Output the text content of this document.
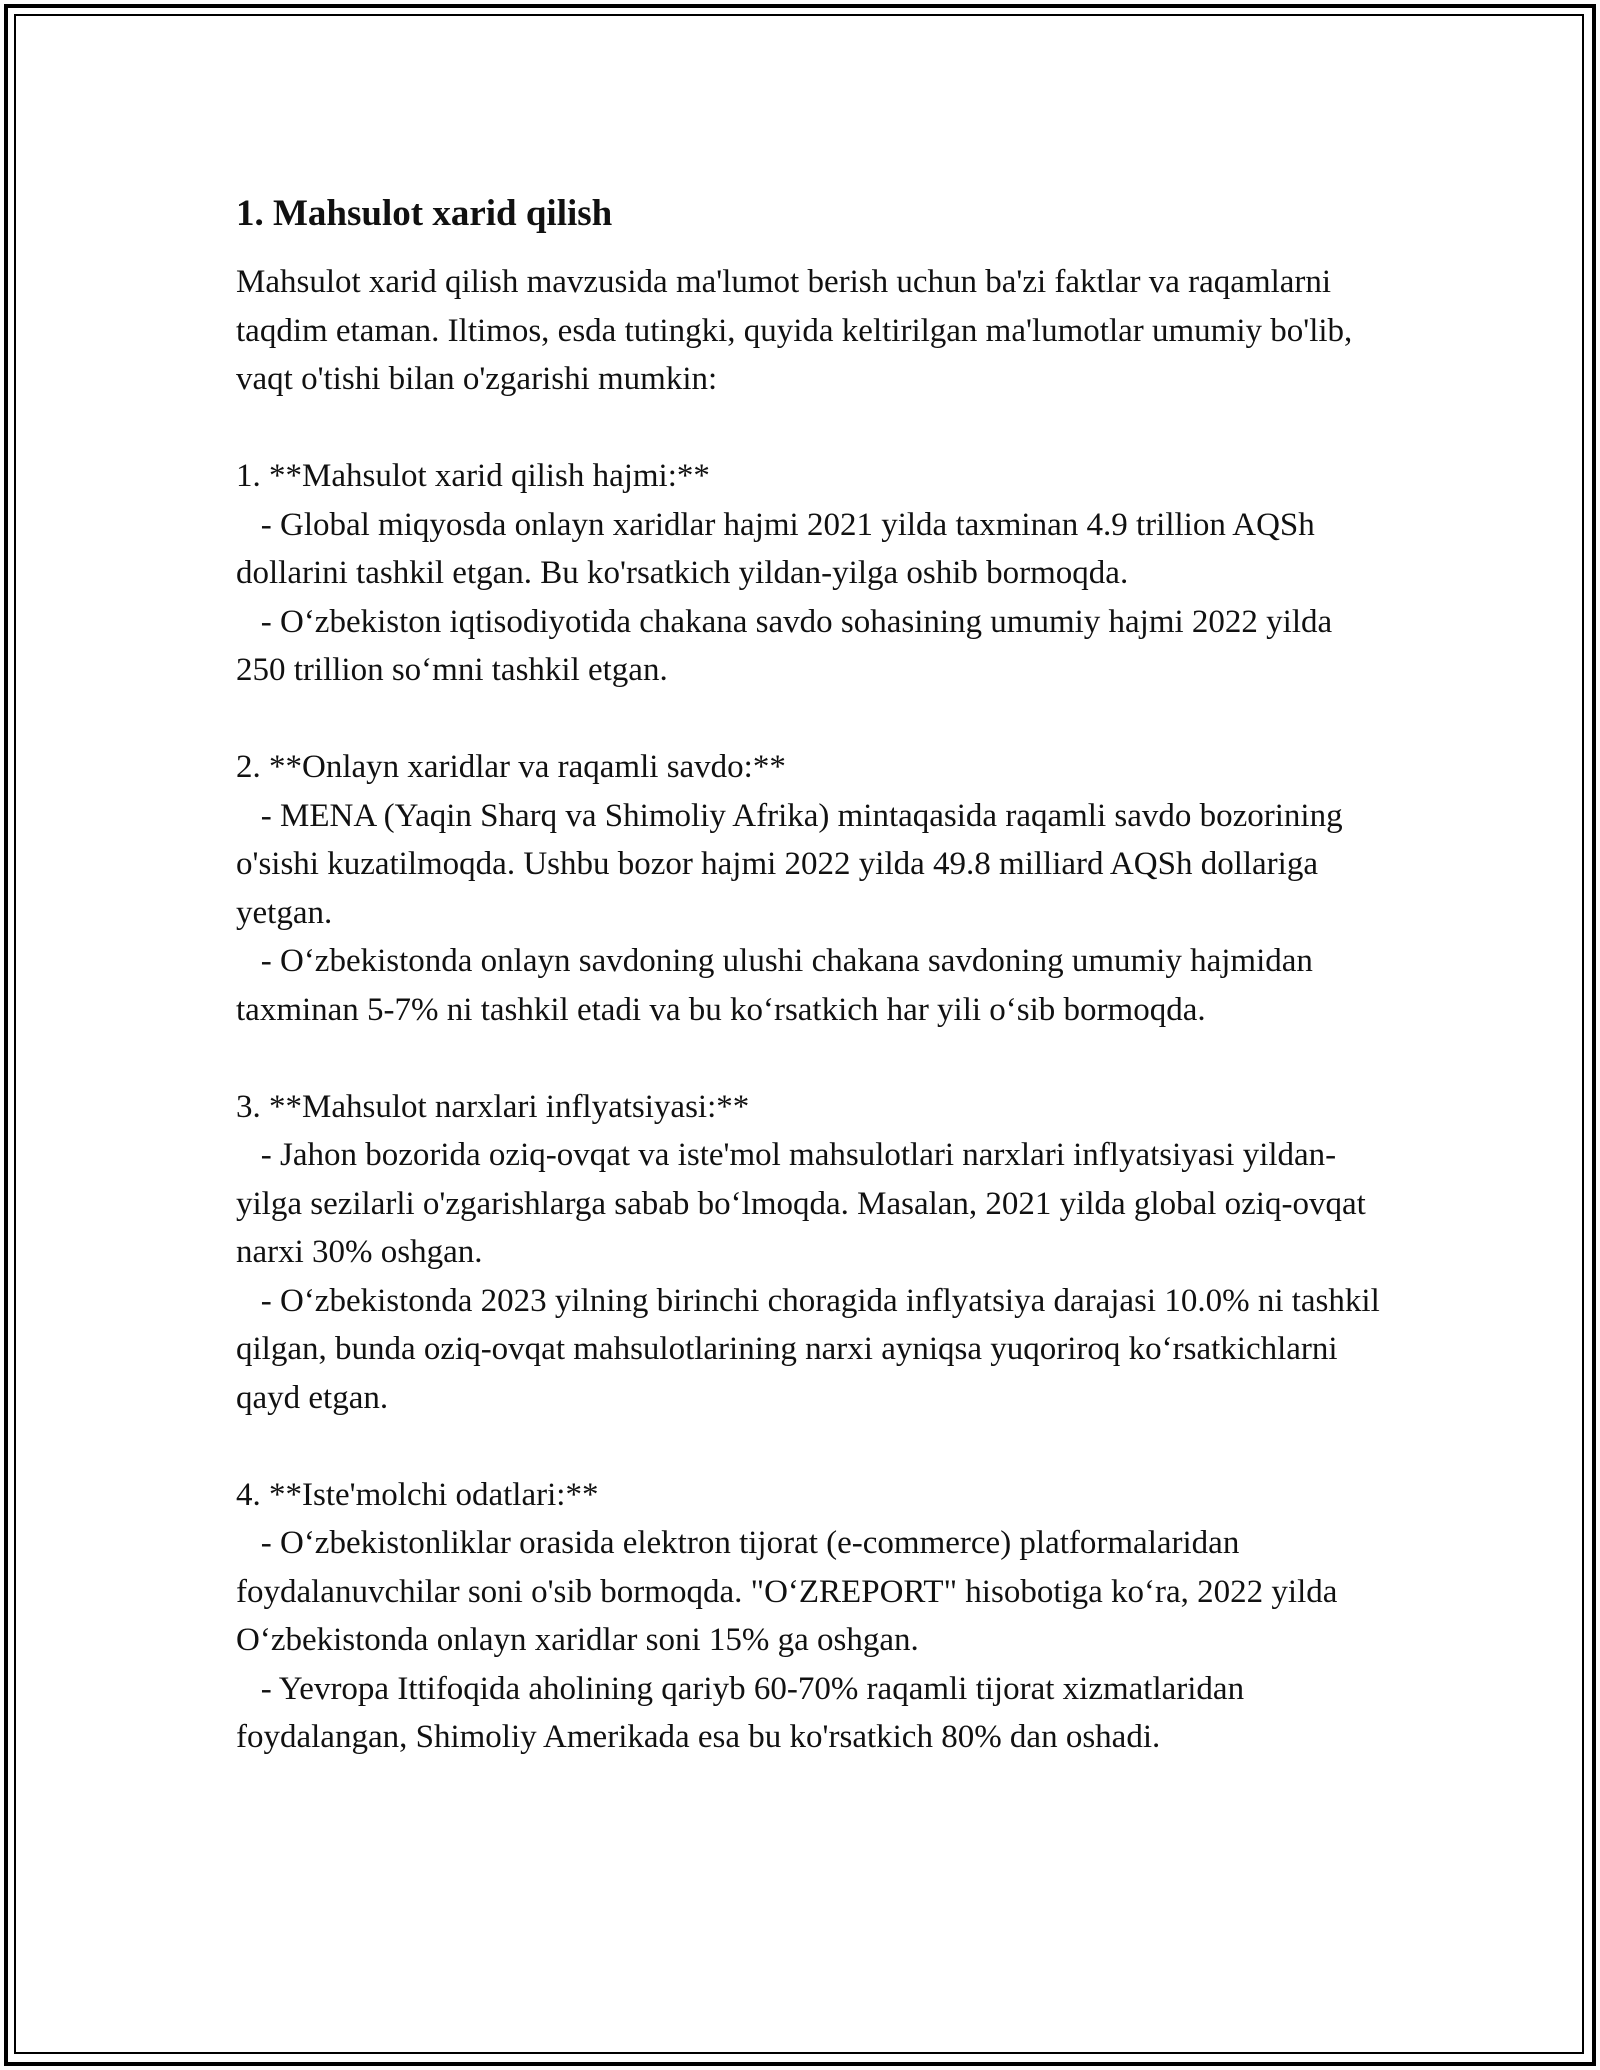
1. Mahsulot xarid qilish

Mahsulot xarid qilish mavzusida ma'lumot berish uchun ba'zi faktlar va raqamlarni taqdim etaman. Iltimos, esda tutingki, quyida keltirilgan ma'lumotlar umumiy bo'lib, vaqt o'tishi bilan o'zgarishi mumkin:

1. **Mahsulot xarid qilish hajmi:**
- Global miqyosda onlayn xaridlar hajmi 2021 yilda taxminan 4.9 trillion AQSh dollarini tashkil etgan. Bu ko'rsatkich yildan-yilga oshib bormoqda.
- O‘zbekiston iqtisodiyotida chakana savdo sohasining umumiy hajmi 2022 yilda 250 trillion so‘mni tashkil etgan.
2. **Onlayn xaridlar va raqamli savdo:**
- MENA (Yaqin Sharq va Shimoliy Afrika) mintaqasida raqamli savdo bozorining o'sishi kuzatilmoqda. Ushbu bozor hajmi 2022 yilda 49.8 milliard AQSh dollariga yetgan.
- O‘zbekistonda onlayn savdoning ulushi chakana savdoning umumiy hajmidan taxminan 5-7% ni tashkil etadi va bu ko‘rsatkich har yili o‘sib bormoqda.
3. **Mahsulot narxlari inflyatsiyasi:**
- Jahon bozorida oziq-ovqat va iste'mol mahsulotlari narxlari inflyatsiyasi yildan-yilga sezilarli o'zgarishlarga sabab bo‘lmoqda. Masalan, 2021 yilda global oziq-ovqat narxi 30% oshgan.
- O‘zbekistonda 2023 yilning birinchi choragida inflyatsiya darajasi 10.0% ni tashkil qilgan, bunda oziq-ovqat mahsulotlarining narxi ayniqsa yuqoriroq ko‘rsatkichlarni qayd etgan.
4. **Iste'molchi odatlari:**
- O‘zbekistonliklar orasida elektron tijorat (e-commerce) platformalaridan foydalanuvchilar soni o'sib bormoqda. "O‘ZREPORT" hisobotiga ko‘ra, 2022 yilda O‘zbekistonda onlayn xaridlar soni 15% ga oshgan.
- Yevropa Ittifoqida aholining qariyb 60-70% raqamli tijorat xizmatlaridan foydalangan, Shimoliy Amerikada esa bu ko'rsatkich 80% dan oshadi.
